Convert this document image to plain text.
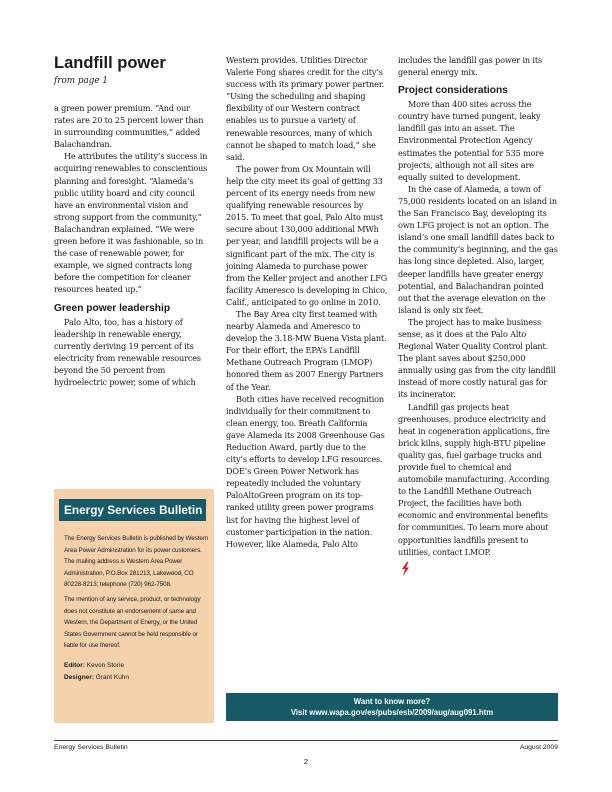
Landfill power
from page 1

a green power premium. “And our rates are 20 to 25 percent lower than in surrounding communities,” added Balachandran.

He attributes the utility’s success in acquiring renewables to conscientious planning and foresight. “Alameda’s public utility board and city council have an environmental vision and strong support from the community,” Balachandran explained. “We were green before it was fashionable, so in the case of renewable power, for example, we signed contracts long before the competition for cleaner resources heated up.”

Green power leadership

Palo Alto, too, has a history of leadership in renewable energy, currently deriving 19 percent of its electricity from renewable resources beyond the 50 percent from hydroelectric power, some of which

Western provides. Utilities Director Valerie Fong shares credit for the city’s success with its primary power partner. “Using the scheduling and shaping flexibility of our Western contract enables us to pursue a variety of renewable resources, many of which cannot be shaped to match load,” she said.

The power from Ox Mountain will help the city meet its goal of getting 33 percent of its energy needs from new qualifying renewable resources by 2015. To meet that goal, Palo Alto must secure about 130,000 additional MWh per year, and landfill projects will be a significant part of the mix. The city is joining Alameda to purchase power from the Keller project and another LFG facility Ameresco is developing in Chico, Calif., anticipated to go online in 2010.

The Bay Area city first teamed with nearby Alameda and Ameresco to develop the 3.18-MW Buena Vista plant. For their effort, the EPA’s Landfill Methane Outreach Program (LMOP) honored them as 2007 Energy Partners of the Year.

Both cities have received recognition individually for their commitment to clean energy, too. Breath California gave Alameda its 2008 Greenhouse Gas Reduction Award, partly due to the city’s efforts to develop LFG resources. DOE’s Green Power Network has repeatedly included the voluntary PaloAltoGreen program on its top-ranked utility green power programs list for having the highest level of customer participation in the nation. However, like Alameda, Palo Alto

includes the landfill gas power in its general energy mix.

Project considerations

More than 400 sites across the country have turned pungent, leaky landfill gas into an asset. The Environmental Protection Agency estimates the potential for 535 more projects, although not all sites are equally suited to development.

In the case of Alameda, a town of 75,000 residents located on an island in the San Francisco Bay, developing its own LFG project is not an option. The island’s one small landfill dates back to the community’s beginning, and the gas has long since depleted. Also, larger, deeper landfills have greater energy potential, and Balachandran pointed out that the average elevation on the island is only six feet.

The project has to make business sense, as it does at the Palo Alto Regional Water Quality Control plant. The plant saves about $250,000 annually using gas from the city landfill instead of more costly natural gas for its incinerator.

Landfill gas projects heat greenhouses, produce electricity and heat in cogeneration applications, fire brick kilns, supply high-BTU pipeline quality gas, fuel garbage trucks and provide fuel to chemical and automobile manufacturing. According to the Landfill Methane Outreach Project, the facilities have both economic and environmental benefits for communities. To learn more about opportunities landfills present to utilities, contact LMOP.

Energy Services Bulletin

The Energy Services Bulletin is published by Western Area Power Administration for its power customers. The mailing address is Western Area Power Administration, P.O.Box 281213, Lakewood, CO 80228-8213; telephone (720) 962-7508.

The mention of any service, product, or technology does not constitute an endorsement of same and Western, the Department of Energy, or the United States Government cannot be held responsible or liable for use thereof.

Editor: Kevon Storie

Designer: Grant Kuhn

Want to know more?
Visit www.wapa.gov/es/pubs/esb/2009/aug/aug091.htm
Energy Services Bulletin	August 2009
2
